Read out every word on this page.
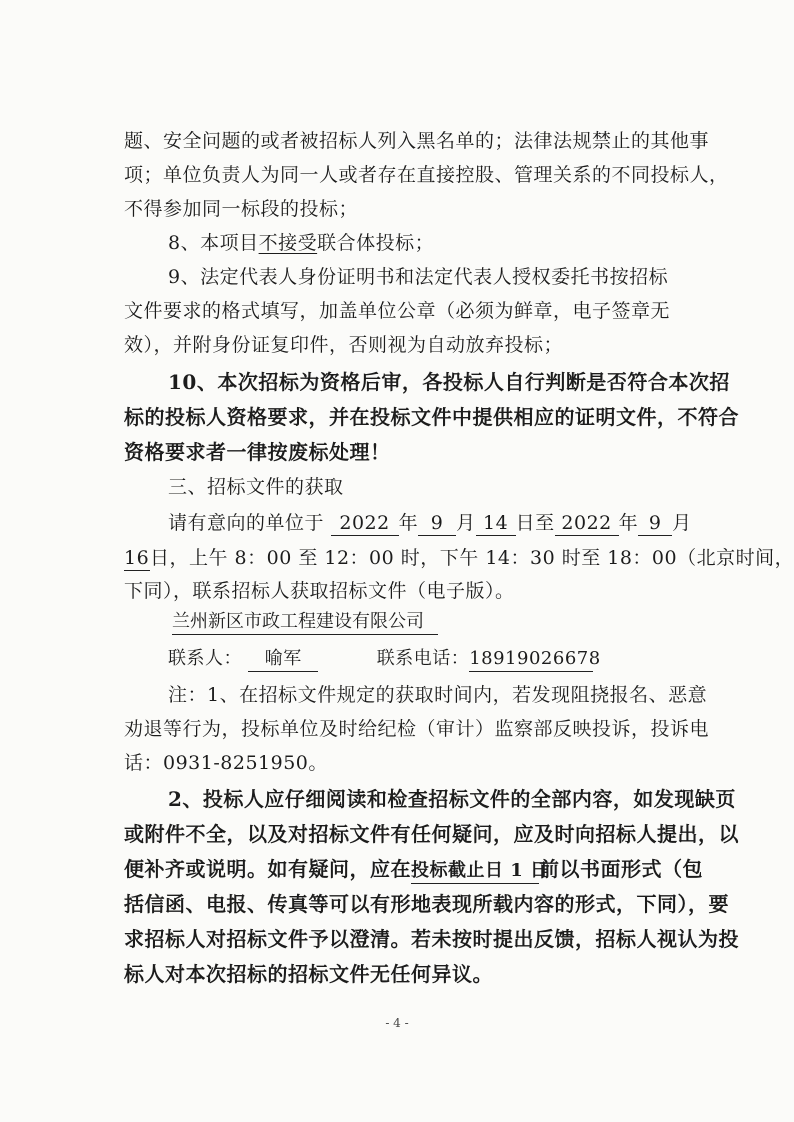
题、安全问题的或者被招标人列入黑名单的；法律法规禁止的其他事
项；单位负责人为同一人或者存在直接控股、管理关系的不同投标人，
不得参加同一标段的投标；
8、本项目不接受联合体投标；
9、法定代表人身份证明书和法定代表人授权委托书按招标
文件要求的格式填写，加盖单位公章（必须为鲜章，电子签章无
效），并附身份证复印件，否则视为自动放弃投标；
10、本次招标为资格后审，各投标人自行判断是否符合本次招
标的投标人资格要求，并在投标文件中提供相应的证明文件，不符合
资格要求者一律按废标处理！
三、招标文件的获取
请有意向的单位于 2022 年 9 月 14 日至 2022 年 9 月
16日，上午 8：00 至 12：00 时，下午 14：30 时至 18：00（北京时间，
下同），联系招标人获取招标文件（电子版）。
兰州新区市政工程建设有限公司
联系人： 喻军	联系电话：18919026678
注：1、在招标文件规定的获取时间内，若发现阻挠报名、恶意
劝退等行为，投标单位及时给纪检（审计）监察部反映投诉，投诉电
话：0931-8251950。
2、投标人应仔细阅读和检查招标文件的全部内容，如发现缺页
或附件不全，以及对招标文件有任何疑问，应及时向招标人提出，以
便补齐或说明。如有疑问，应在投标截止日 1 日前以书面形式（包
括信函、电报、传真等可以有形地表现所载内容的形式，下同），要
求招标人对招标文件予以澄清。若未按时提出反馈，招标人视认为投
标人对本次招标的招标文件无任何异议。
- 4 -
